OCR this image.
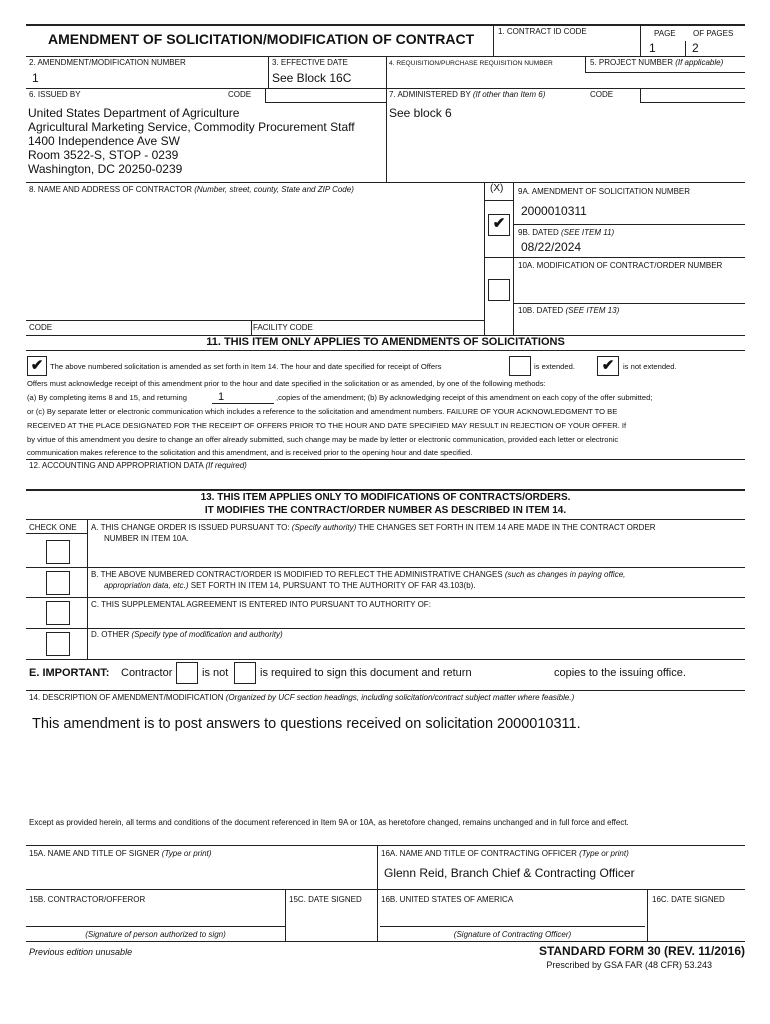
AMENDMENT OF SOLICITATION/MODIFICATION OF CONTRACT	1. CONTRACT ID CODE	PAGE OF PAGES
1	2
2. AMENDMENT/MODIFICATION NUMBER
1
3. EFFECTIVE DATE
See Block 16C
4. REQUISITION/PURCHASE REQUISITION NUMBER	5. PROJECT NUMBER (If applicable)
6. ISSUED BY	CODE	7. ADMINISTERED BY (If other than Item 6)	CODE
United States Department of Agriculture
Agricultural Marketing Service, Commodity Procurement Staff
1400 Independence Ave SW
Room 3522-S, STOP - 0239
Washington, DC 20250-0239
See block 6
8. NAME AND ADDRESS OF CONTRACTOR (Number, street, county, State and ZIP Code)	(X) 9A. AMENDMENT OF SOLICITATION NUMBER
2000010311
✔
9B. DATED (SEE ITEM 11)
08/22/2024
10A. MODIFICATION OF CONTRACT/ORDER NUMBER
10B. DATED (SEE ITEM 13)
CODE	FACILITY CODE
11. THIS ITEM ONLY APPLIES TO AMENDMENTS OF SOLICITATIONS
✔ The above numbered solicitation is amended as set forth in Item 14. The hour and date specified for receipt of Offers	is extended.	✔	is not extended.
Offers must acknowledge receipt of this amendment prior to the hour and date specified in the solicitation or as amended, by one of the following methods:
(a) By completing items 8 and 15, and returning	1	,copies of the amendment; (b) By acknowledging receipt of this amendment on each copy of the offer submitted;
or (c) By separate letter or electronic communication which includes a reference to the solicitation and amendment numbers. FAILURE OF YOUR ACKNOWLEDGMENT TO BE
RECEIVED AT THE PLACE DESIGNATED FOR THE RECEIPT OF OFFERS PRIOR TO THE HOUR AND DATE SPECIFIED MAY RESULT IN REJECTION OF YOUR OFFER. If
by virtue of this amendment you desire to change an offer already submitted, such change may be made by letter or electronic communication, provided each letter or electronic
communication makes reference to the solicitation and this amendment, and is received prior to the opening hour and date specified.
12. ACCOUNTING AND APPROPRIATION DATA (If required)
13. THIS ITEM APPLIES ONLY TO MODIFICATIONS OF CONTRACTS/ORDERS.
IT MODIFIES THE CONTRACT/ORDER NUMBER AS DESCRIBED IN ITEM 14.
CHECK ONE A. THIS CHANGE ORDER IS ISSUED PURSUANT TO: (Specify authority) THE CHANGES SET FORTH IN ITEM 14 ARE MADE IN THE CONTRACT ORDER
NUMBER IN ITEM 10A.
B. THE ABOVE NUMBERED CONTRACT/ORDER IS MODIFIED TO REFLECT THE ADMINISTRATIVE CHANGES (such as changes in paying office,
appropriation data, etc.) SET FORTH IN ITEM 14, PURSUANT TO THE AUTHORITY OF FAR 43.103(b).
C. THIS SUPPLEMENTAL AGREEMENT IS ENTERED INTO PURSUANT TO AUTHORITY OF:
D. OTHER (Specify type of modification and authority)
E. IMPORTANT: Contractor	is not	is required to sign this document and return	copies to the issuing office.
14. DESCRIPTION OF AMENDMENT/MODIFICATION (Organized by UCF section headings, including solicitation/contract subject matter where feasible.)
This amendment is to post answers to questions received on solicitation 2000010311.
Except as provided herein, all terms and conditions of the document referenced in Item 9A or 10A, as heretofore changed, remains unchanged and in full force and effect.
15A. NAME AND TITLE OF SIGNER (Type or print)	16A. NAME AND TITLE OF CONTRACTING OFFICER (Type or print)
Glenn Reid, Branch Chief & Contracting Officer
15B. CONTRACTOR/OFFEROR	15C. DATE SIGNED 16B. UNITED STATES OF AMERICA	16C. DATE SIGNED
(Signature of person authorized to sign)	(Signature of Contracting Officer)
Previous edition unusable	STANDARD FORM 30 (REV. 11/2016)
Prescribed by GSA FAR (48 CFR) 53.243
